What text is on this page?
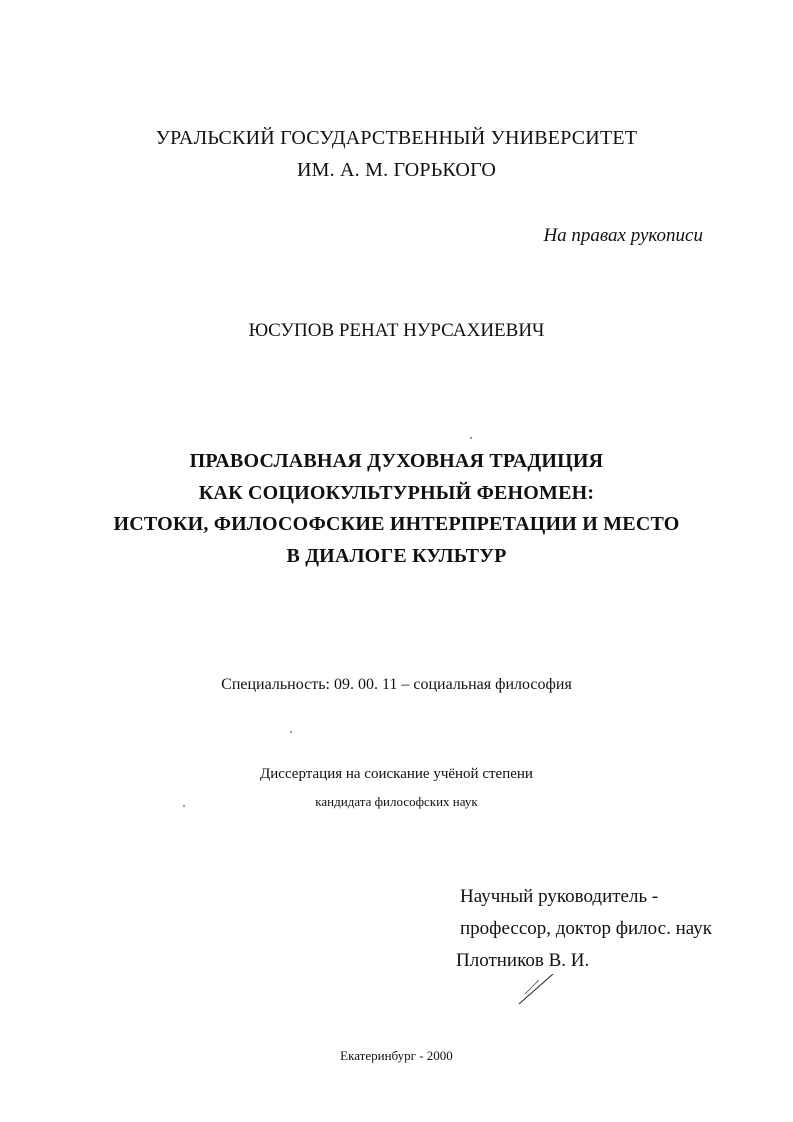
УРАЛЬСКИЙ ГОСУДАРСТВЕННЫЙ УНИВЕРСИТЕТ
ИМ. А. М. ГОРЬКОГО
На правах рукописи
ЮСУПОВ РЕНАТ НУРСАХИЕВИЧ
ПРАВОСЛАВНАЯ ДУХОВНАЯ ТРАДИЦИЯ
КАК СОЦИОКУЛЬТУРНЫЙ ФЕНОМЕН:
ИСТОКИ, ФИЛОСОФСКИЕ ИНТЕРПРЕТАЦИИ И МЕСТО
В ДИАЛОГЕ КУЛЬТУР
Специальность: 09. 00. 11 – социальная философия
Диссертация на соискание учёной степени
кандидата философских наук
Научный руководитель -
профессор, доктор филос. наук
Плотников В. И.
Екатеринбург - 2000
